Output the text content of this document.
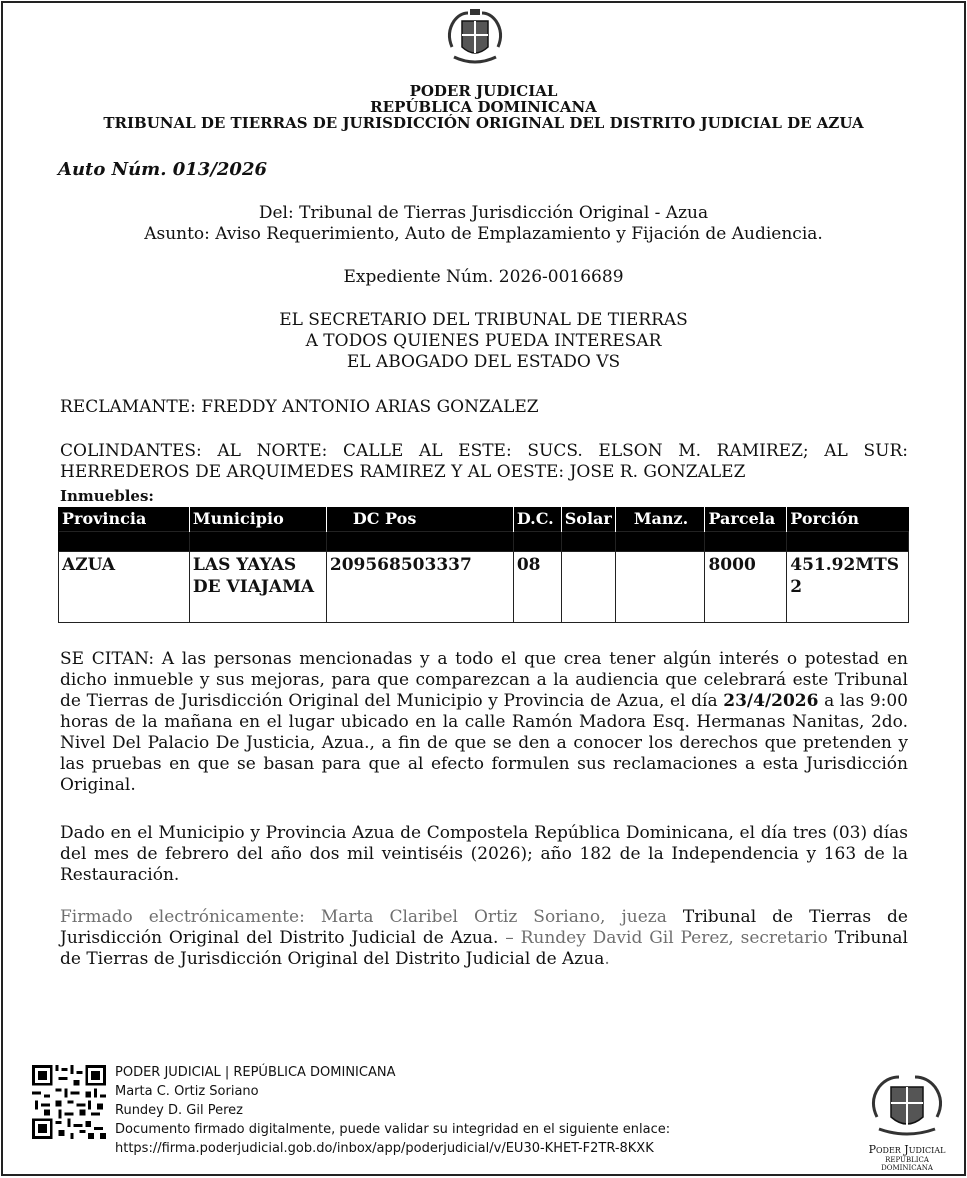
PODER JUDICIAL
REPÚBLICA DOMINICANA
TRIBUNAL DE TIERRAS DE JURISDICCIÓN ORIGINAL DEL DISTRITO JUDICIAL DE AZUA
Auto Núm. 013/2026
Del: Tribunal de Tierras Jurisdicción Original - Azua
Asunto: Aviso Requerimiento, Auto de Emplazamiento y Fijación de Audiencia.
Expediente Núm. 2026-0016689
EL SECRETARIO DEL TRIBUNAL DE TIERRAS
A TODOS QUIENES PUEDA INTERESAR
EL ABOGADO DEL ESTADO VS
RECLAMANTE: FREDDY ANTONIO ARIAS GONZALEZ
COLINDANTES: AL NORTE: CALLE AL ESTE: SUCS. ELSON M. RAMIREZ; AL SUR: HERREDEROS DE ARQUIMEDES RAMIREZ Y AL OESTE: JOSE R. GONZALEZ
Inmuebles:
Provincia	Municipio	DC Pos	D.C.	Solar	Manz.	Parcela	Porción

AZUA	LAS YAYAS DE VIAJAMA	209568503337	08			8000	451.92MTS2
SE CITAN: A las personas mencionadas y a todo el que crea tener algún interés o potestad en dicho inmueble y sus mejoras, para que comparezcan a la audiencia que celebrará este Tribunal de Tierras de Jurisdicción Original del Municipio y Provincia de Azua, el día 23/4/2026 a las 9:00 horas de la mañana en el lugar ubicado en la calle Ramón Madora Esq. Hermanas Nanitas, 2do. Nivel Del Palacio De Justicia, Azua., a fin de que se den a conocer los derechos que pretenden y las pruebas en que se basan para que al efecto formulen sus reclamaciones a esta Jurisdicción Original.
Dado en el Municipio y Provincia Azua de Compostela República Dominicana, el día tres (03) días del mes de febrero del año dos mil veintiséis (2026); año 182 de la Independencia y 163 de la Restauración.
Firmado electrónicamente: Marta Claribel Ortiz Soriano, jueza Tribunal de Tierras de Jurisdicción Original del Distrito Judicial de Azua. – Rundey David Gil Perez, secretario Tribunal de Tierras de Jurisdicción Original del Distrito Judicial de Azua.
PODER JUDICIAL | REPÚBLICA DOMINICANA
Marta C. Ortiz Soriano
Rundey D. Gil Perez
Documento firmado digitalmente, puede validar su integridad en el siguiente enlace:
https://firma.poderjudicial.gob.do/inbox/app/poderjudicial/v/EU30-KHET-F2TR-8KXK	Poder Judicial
REPÚBLICA DOMINICANA
